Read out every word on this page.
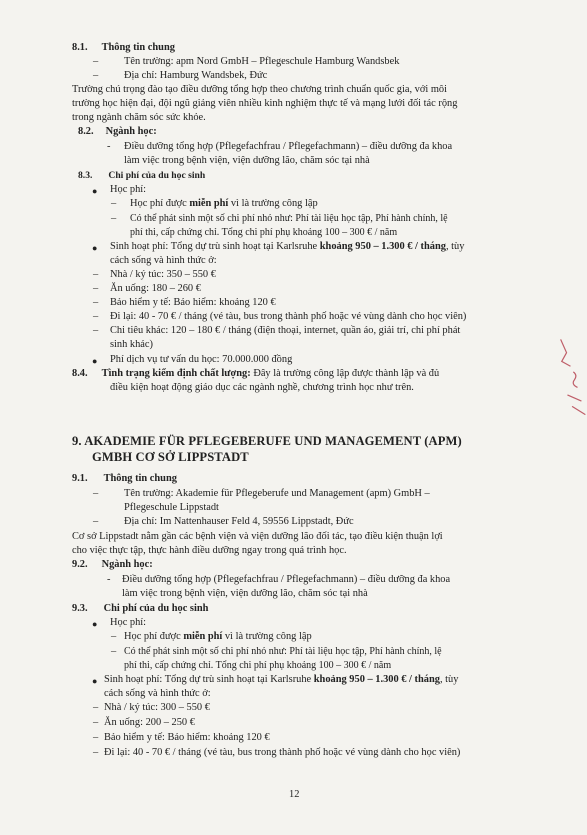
8.1. Thông tin chung
– Tên trường: apm Nord GmbH – Pflegeschule Hamburg Wandsbek
– Địa chỉ: Hamburg Wandsbek, Đức
Trường chú trọng đào tạo điều dưỡng tổng hợp theo chương trình chuẩn quốc gia, với môi
trường học hiện đại, đội ngũ giảng viên nhiều kinh nghiệm thực tế và mạng lưới đối tác rộng
trong ngành chăm sóc sức khỏe.
8.2. Ngành học:
- Điều dưỡng tổng hợp (Pflegefachfrau / Pflegefachmann) – điều dưỡng đa khoa
làm việc trong bệnh viện, viện dưỡng lão, chăm sóc tại nhà
8.3. Chi phí của du học sinh
● Học phí:
– Học phí được miễn phí vì là trường công lập
– Có thể phát sinh một số chi phí nhỏ như: Phí tài liệu học tập, Phí hành chính, lệ
phí thi, cấp chứng chỉ. Tổng chi phí phụ khoảng 100 – 300 € / năm
● Sinh hoạt phí: Tổng dự trù sinh hoạt tại Karlsruhe khoảng 950 – 1.300 € / tháng, tùy
cách sống và hình thức ở:
– Nhà / ký túc: 350 – 550 €
– Ăn uống: 180 – 260 €
– Bảo hiểm y tế: Bảo hiểm: khoảng 120 €
– Đi lại: 40 - 70 € / tháng (vé tàu, bus trong thành phố hoặc vé vùng dành cho học viên)
– Chi tiêu khác: 120 – 180 € / tháng (điện thoại, internet, quần áo, giải trí, chi phí phát
sinh khác)
● Phí dịch vụ tư vấn du học: 70.000.000 đồng
8.4. Tình trạng kiểm định chất lượng: Đây là trường công lập được thành lập và đủ
điều kiện hoạt động giáo dục các ngành nghề, chương trình học như trên.
9. AKADEMIE FÜR PFLEGEBERUFE UND MANAGEMENT (APM)
GMBH CƠ SỞ LIPPSTADT
9.1. Thông tin chung
– Tên trường: Akademie für Pflegeberufe und Management (apm) GmbH –
Pflegeschule Lippstadt
– Địa chỉ: Im Nattenhauser Feld 4, 59556 Lippstadt, Đức
Cơ sở Lippstadt nằm gần các bệnh viện và viện dưỡng lão đối tác, tạo điều kiện thuận lợi
cho việc thực tập, thực hành điều dưỡng ngay trong quá trình học.
9.2. Ngành học:
- Điều dưỡng tổng hợp (Pflegefachfrau / Pflegefachmann) – điều dưỡng đa khoa
làm việc trong bệnh viện, viện dưỡng lão, chăm sóc tại nhà
9.3. Chi phí của du học sinh
● Học phí:
– Học phí được miễn phí vì là trường công lập
– Có thể phát sinh một số chi phí nhỏ như: Phí tài liệu học tập, Phí hành chính, lệ
phí thi, cấp chứng chỉ. Tổng chi phí phụ khoảng 100 – 300 € / năm
● Sinh hoạt phí: Tổng dự trù sinh hoạt tại Karlsruhe khoảng 950 – 1.300 € / tháng, tùy
cách sống và hình thức ở:
– Nhà / ký túc: 300 – 550 €
– Ăn uống: 200 – 250 €
– Bảo hiểm y tế: Bảo hiểm: khoảng 120 €
– Đi lại: 40 - 70 € / tháng (vé tàu, bus trong thành phố hoặc vé vùng dành cho học viên)
12
